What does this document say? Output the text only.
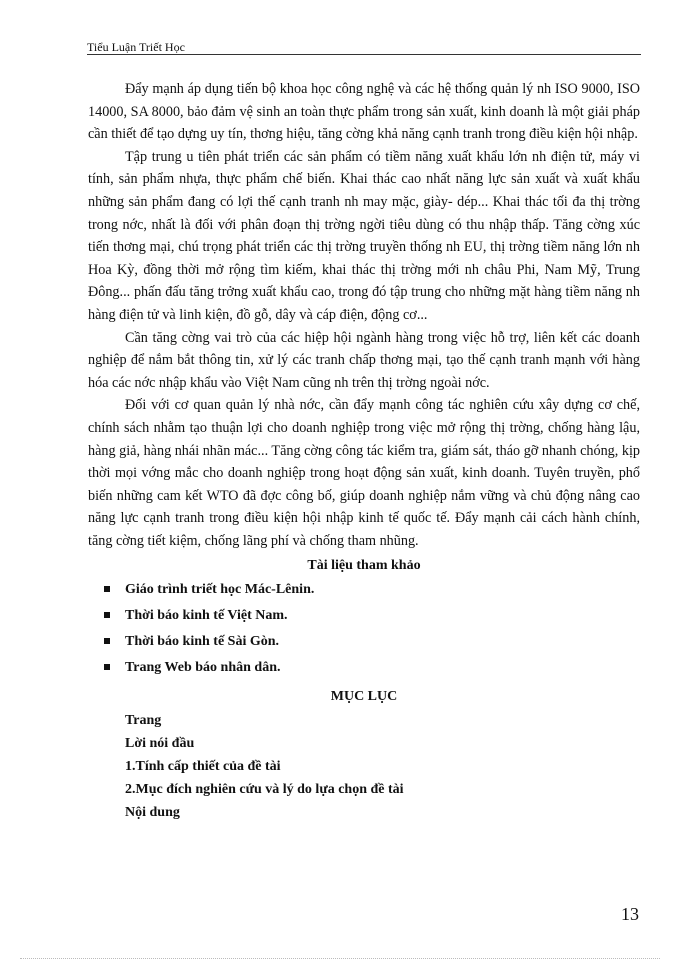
Tiểu Luận Triết Học

Đẩy mạnh áp dụng tiến bộ khoa học công nghệ và các hệ thống quản lý nh ISO 9000, ISO 14000, SA 8000, bảo đảm vệ sinh an toàn thực phẩm trong sản xuất, kinh doanh là một giải pháp cần thiết để tạo dựng uy tín, thơng hiệu, tăng cờng khả năng cạnh tranh trong điều kiện hội nhập.

Tập trung u tiên phát triển các sản phẩm có tiềm năng xuất khẩu lớn nh điện tử, máy vi tính, sản phẩm nhựa, thực phẩm chế biến. Khai thác cao nhất năng lực sản xuất và xuất khẩu những sản phẩm đang có lợi thế cạnh tranh nh may mặc, giày- dép... Khai thác tối đa thị trờng trong nớc, nhất là đối với phân đoạn thị trờng ngời tiêu dùng có thu nhập thấp. Tăng cờng xúc tiến thơng mại, chú trọng phát triển các thị trờng truyền thống nh EU, thị trờng tiềm năng lớn nh Hoa Kỳ, đồng thời mở rộng tìm kiếm, khai thác thị trờng mới nh châu Phi, Nam Mỹ, Trung Đông... phấn đấu tăng trởng xuất khẩu cao, trong đó tập trung cho những mặt hàng tiềm năng nh hàng điện tử và linh kiện, đồ gỗ, dây và cáp điện, động cơ...

Cần tăng cờng vai trò của các hiệp hội ngành hàng trong việc hỗ trợ, liên kết các doanh nghiệp để nắm bắt thông tin, xử lý các tranh chấp thơng mại, tạo thế cạnh tranh mạnh với hàng hóa các nớc nhập khẩu vào Việt Nam cũng nh trên thị trờng ngoài nớc.

Đối với cơ quan quản lý nhà nớc, cần đẩy mạnh công tác nghiên cứu xây dựng cơ chế, chính sách nhằm tạo thuận lợi cho doanh nghiệp trong việc mở rộng thị trờng, chống hàng lậu, hàng giả, hàng nhái nhãn mác... Tăng cờng công tác kiểm tra, giám sát, tháo gỡ nhanh chóng, kịp thời mọi vớng mắc cho doanh nghiệp trong hoạt động sản xuất, kinh doanh. Tuyên truyền, phổ biến những cam kết WTO đã đợc công bố, giúp doanh nghiệp nắm vững và chủ động nâng cao năng lực cạnh tranh trong điều kiện hội nhập kinh tế quốc tế. Đẩy mạnh cải cách hành chính, tăng cờng tiết kiệm, chống lãng phí và chống tham nhũng.

Tài liệu tham khảo
Giáo trình triết học Mác-Lênin.
Thời báo kinh tế Việt Nam.
Thời báo kinh tế Sài Gòn.
Trang Web báo nhân dân.
MỤC LỤC
Trang
Lời nói đầu
1.Tính cấp thiết của đề tài
2.Mục đích nghiên cứu và lý do lựa chọn đề tài
Nội dung
13
